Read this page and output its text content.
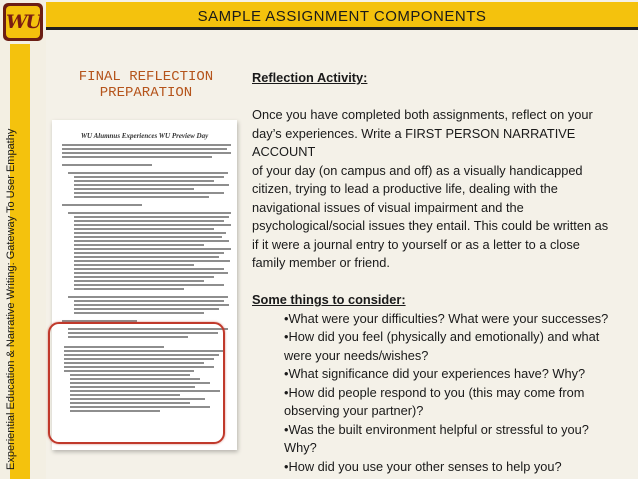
WU
Experiential Education & Narrative Writing: Gateway To User Empathy
SAMPLE ASSIGNMENT COMPONENTS
FINAL REFLECTION
PREPARATION
WU Alumnus Experiences WU Preview Day
Reflection Activity:
Once you have completed both assignments, reflect on your
day’s experiences. Write a FIRST PERSON NARRATIVE ACCOUNT
of your day (on campus and off) as a visually handicapped
citizen, trying to lead a productive life, dealing with the
navigational issues of visual impairment and the
psychological/social issues they entail. This could be written as
if it were a journal entry to yourself or as a letter to a close
family member or friend.
Some things to consider:
•What were your difficulties? What were your successes?
•How did you feel (physically and emotionally) and what
were your needs/wishes?
•What significance did your experiences have? Why?
•How did people respond to you (this may come from
observing your partner)?
•Was the built environment helpful or stressful to you?
Why?
•How did you use your other senses to help you?
